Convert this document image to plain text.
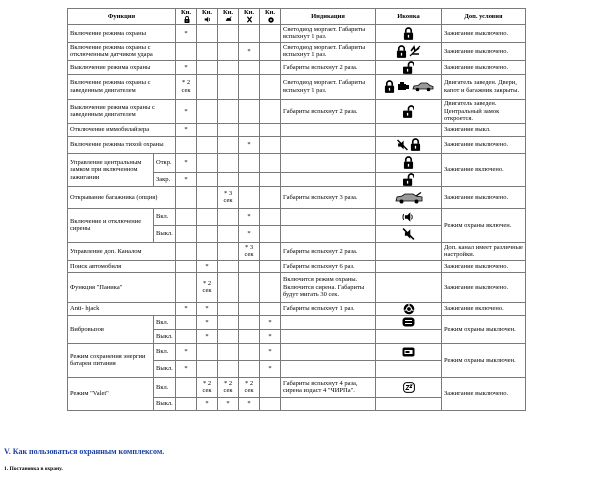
Функция		Кн.	Кн.	Кн.	Кн.	Кн.	Индикация	Иконка	Доп. условия
Включение режима охраны		*					Светодиод моргает. Габариты вспыхнут 1 раз.		Зажигание выключено.
Включение режима охраны с отключенным датчиком удара					*		Светодиод моргает. Габариты вспыхнут 1 раз.		Зажигание выключено.
Выключение режима охраны		*					Габариты вспыхнут 2 раза.		Зажигание выключено.
Включение режима охраны с заведенным двигателем		* 2 сек					Светодиод моргает. Габариты вспыхнут 1 раз.		Двигатель заведен. Двери, капот и багажник закрыты.
Выключение режима охраны с заведенным двигателем		*					Габариты вспыхнут 2 раза.		Двигатель заведен. Центральный замок откроется.
Отключение иммобилайзера		*							Зажигание выкл.
Включение режима тихой охраны					*				Зажигание выключено.
Управление центральным замком при включенном зажигании	Откр.	*							Зажигание включено.
	Закр.	*						
Открывание багажника (опция)				* 3 сек			Габариты вспыхнут 3 раза.		Зажигание выключено.
Включение и отключение сирены	Вкл.				*				Режим охраны включен.
	Выкл.				*			
Управление доп. Каналом					* 3 сек		Габариты вспыхнут 2 раза.		Доп. канал имеет различные настройки.
Поиск автомобиля			*				Габариты вспыхнут 6 раз.		Зажигание выключено.
Функция "Паника"			* 2 сек				Включится режим охраны. Включится сирена. Габариты будут мигать 30 сек.		Зажигание выключено.
Anti- hjack		*	*				Габариты вспыхнут 1 раз.		Зажигание включено.
Вибровызов	Вкл.		*			*			Режим охраны выключен.
	Выкл.		*			*			
Режим сохранения энергии батареи питания	Вкл.	*				*			Режим охраны выключен.
	Выкл.	*				*			
Режим "Valet"	Вкл.		* 2 сек	* 2 сек	* 2 сек		Габариты вспыхнут 4 раза, сирена издаст 4 "ЧИРПа".		Зажигание выключено.
	Выкл.		*	*	*				
V. Как пользоваться охранным комплексом.
1. Постановка в охрану.
